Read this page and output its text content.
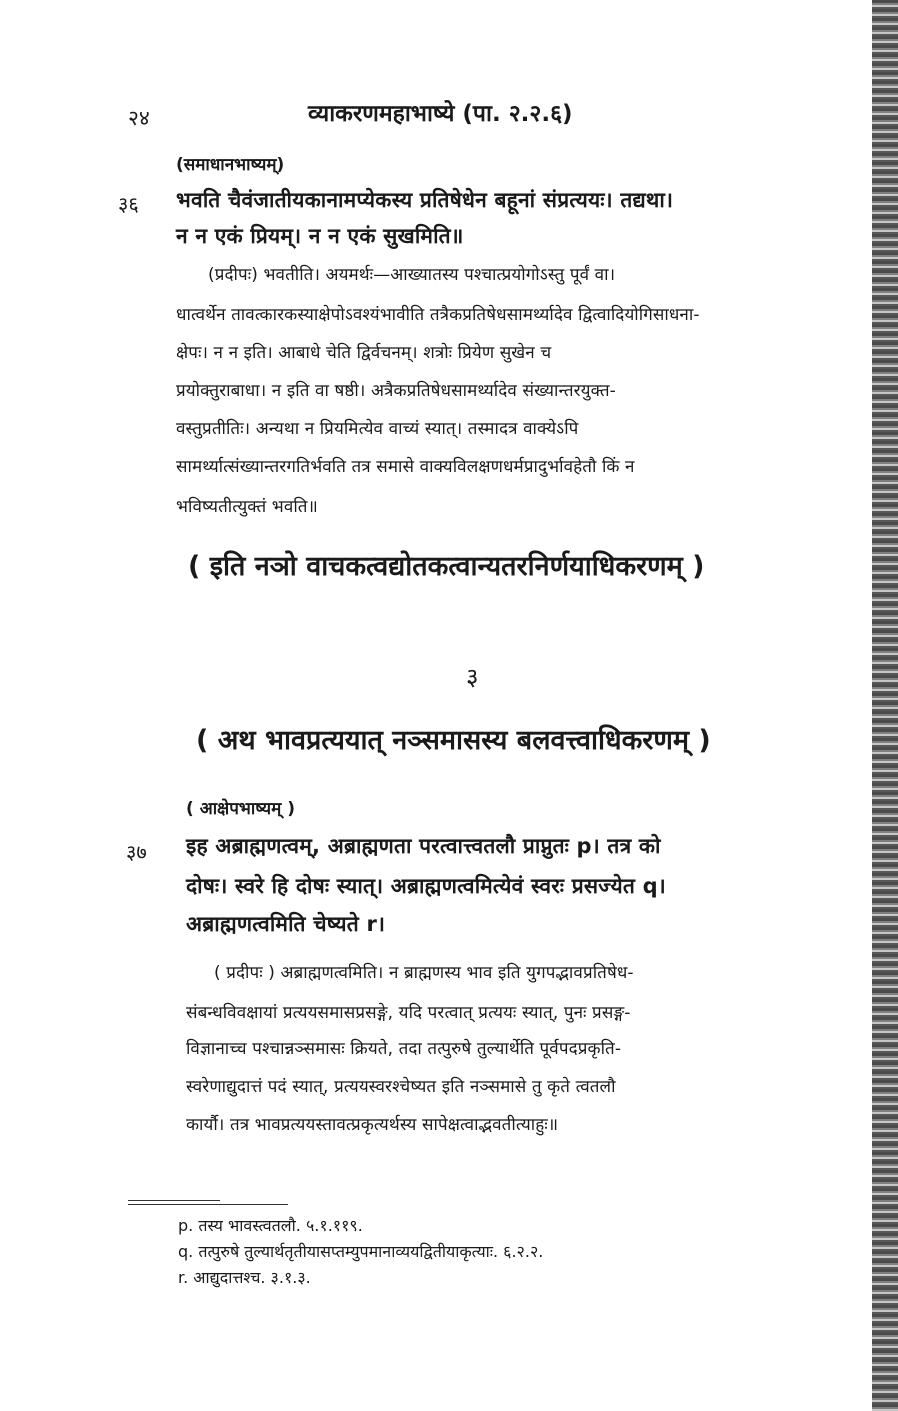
२४	व्याकरणमहाभाष्ये (पा. २.२.६)
(समाधानभाष्यम्)
३६ भवति चैवंजातीयकानामप्येकस्य प्रतिषेधेन बहूनां संप्रत्ययः। तद्यथा।
न न एकं प्रियम्। न न एकं सुखमिति॥
(प्रदीपः) भवतीति। अयमर्थः—आख्यातस्य पश्चात्प्रयोगोऽस्तु पूर्वं वा।
धात्वर्थेन तावत्कारकस्याक्षेपोऽवश्यंभावीति तत्रैकप्रतिषेधसामर्थ्यादेव द्वित्वादियोगिसाधना-
क्षेपः। न न इति। आबाधे चेति द्विर्वचनम्। शत्रोः प्रियेण सुखेन च
प्रयोक्तुराबाधा। न इति वा षष्ठी। अत्रैकप्रतिषेधसामर्थ्यादेव संख्यान्तरयुक्त-
वस्तुप्रतीतिः। अन्यथा न प्रियमित्येव वाच्यं स्यात्। तस्मादत्र वाक्येऽपि
सामर्थ्यात्संख्यान्तरगतिर्भवति तत्र समासे वाक्यविलक्षणधर्मप्रादुर्भावहेतौ किं न
भविष्यतीत्युक्तं भवति॥
( इति नञो वाचकत्वद्योतकत्वान्यतरनिर्णयाधिकरणम् )
३
( अथ भावप्रत्ययात् नञ्समासस्य बलवत्त्वाधिकरणम् )
( आक्षेपभाष्यम् )
३७ इह अब्राह्मणत्वम्, अब्राह्मणता परत्वात्त्वतलौ प्राप्नुतः p। तत्र को
दोषः। स्वरे हि दोषः स्यात्। अब्राह्मणत्वमित्येवं स्वरः प्रसज्येत q।
अब्राह्मणत्वमिति चेष्यते r।
( प्रदीपः ) अब्राह्मणत्वमिति। न ब्राह्मणस्य भाव इति युगपद्भावप्रतिषेध-
संबन्धविवक्षायां प्रत्ययसमासप्रसङ्गे, यदि परत्वात् प्रत्ययः स्यात्, पुनः प्रसङ्ग-
विज्ञानाच्च पश्चान्नञ्समासः क्रियते, तदा तत्पुरुषे तुल्यार्थेति पूर्वपदप्रकृति-
स्वरेणाद्युदात्तं पदं स्यात्, प्रत्ययस्वरश्चेष्यत इति नञ्समासे तु कृते त्वतलौ
कार्यौ। तत्र भावप्रत्ययस्तावत्प्रकृत्यर्थस्य सापेक्षत्वाद्भवतीत्याहुः॥
p. तस्य भावस्त्वतलौ. ५.१.११९.
q. तत्पुरुषे तुल्यार्थतृतीयासप्तम्युपमानाव्ययद्वितीयाकृत्याः. ६.२.२.
r. आद्युदात्तश्च. ३.१.३.
